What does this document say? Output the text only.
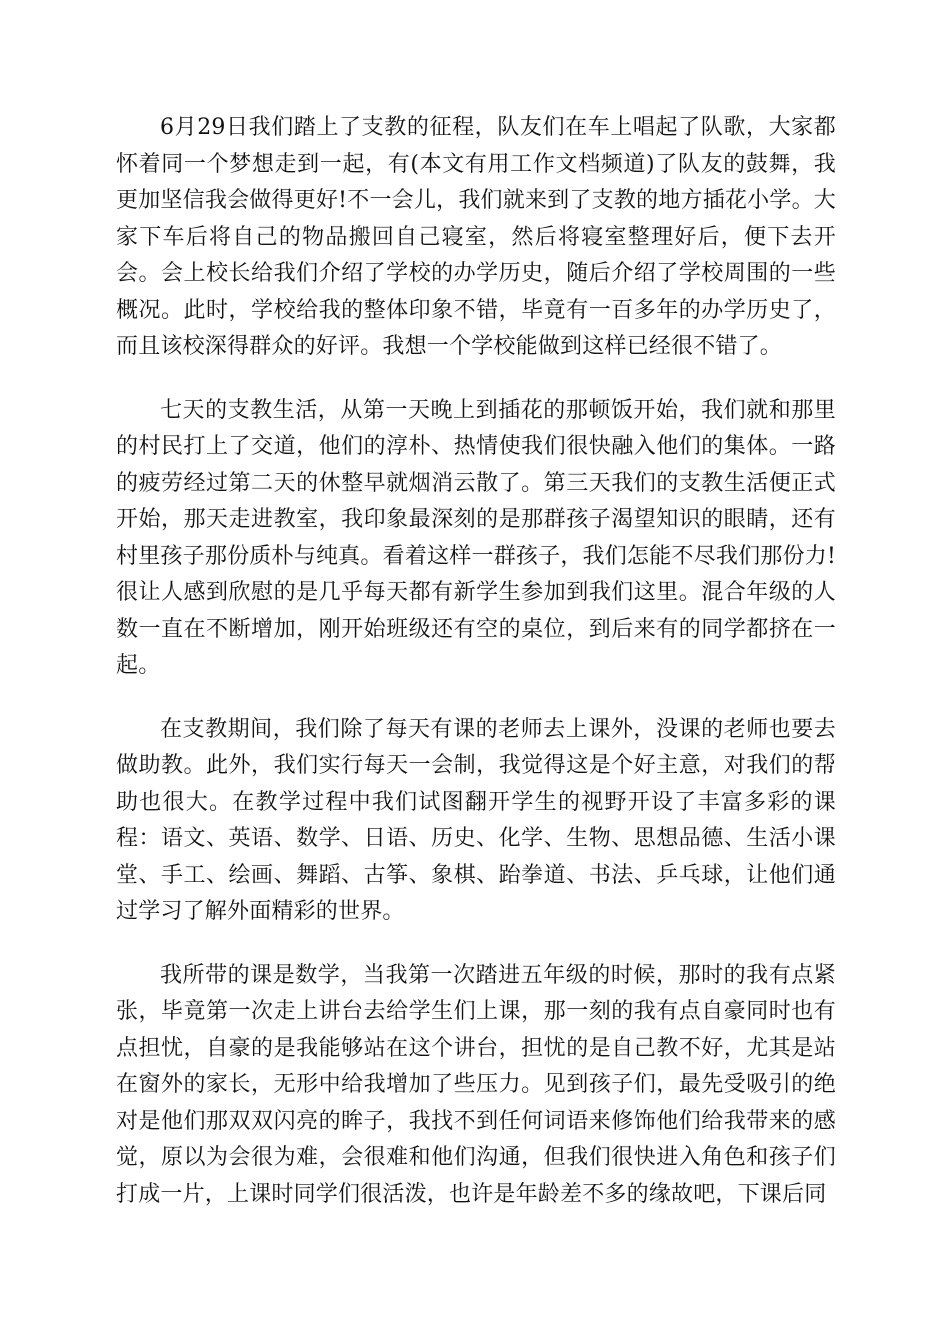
6月29日我们踏上了支教的征程，队友们在车上唱起了队歌，大家都怀着同一个梦想走到一起，有(本文有用工作文档频道)了队友的鼓舞，我更加坚信我会做得更好!不一会儿，我们就来到了支教的地方插花小学。大家下车后将自己的物品搬回自己寝室，然后将寝室整理好后，便下去开会。会上校长给我们介绍了学校的办学历史，随后介绍了学校周围的一些概况。此时，学校给我的整体印象不错，毕竟有一百多年的办学历史了，而且该校深得群众的好评。我想一个学校能做到这样已经很不错了。

七天的支教生活，从第一天晚上到插花的那顿饭开始，我们就和那里的村民打上了交道，他们的淳朴、热情使我们很快融入他们的集体。一路的疲劳经过第二天的休整早就烟消云散了。第三天我们的支教生活便正式开始，那天走进教室，我印象最深刻的是那群孩子渴望知识的眼睛，还有村里孩子那份质朴与纯真。看着这样一群孩子，我们怎能不尽我们那份力!很让人感到欣慰的是几乎每天都有新学生参加到我们这里。混合年级的人数一直在不断增加，刚开始班级还有空的桌位，到后来有的同学都挤在一起。

在支教期间，我们除了每天有课的老师去上课外，没课的老师也要去做助教。此外，我们实行每天一会制，我觉得这是个好主意，对我们的帮助也很大。在教学过程中我们试图翻开学生的视野开设了丰富多彩的课程：语文、英语、数学、日语、历史、化学、生物、思想品德、生活小课堂、手工、绘画、舞蹈、古筝、象棋、跆拳道、书法、乒乓球，让他们通过学习了解外面精彩的世界。

我所带的课是数学，当我第一次踏进五年级的时候，那时的我有点紧张，毕竟第一次走上讲台去给学生们上课，那一刻的我有点自豪同时也有点担忧，自豪的是我能够站在这个讲台，担忧的是自己教不好，尤其是站在窗外的家长，无形中给我增加了些压力。见到孩子们，最先受吸引的绝对是他们那双双闪亮的眸子，我找不到任何词语来修饰他们给我带来的感觉，原以为会很为难，会很难和他们沟通，但我们很快进入角色和孩子们打成一片，上课时同学们很活泼，也许是年龄差不多的缘故吧，下课后同
